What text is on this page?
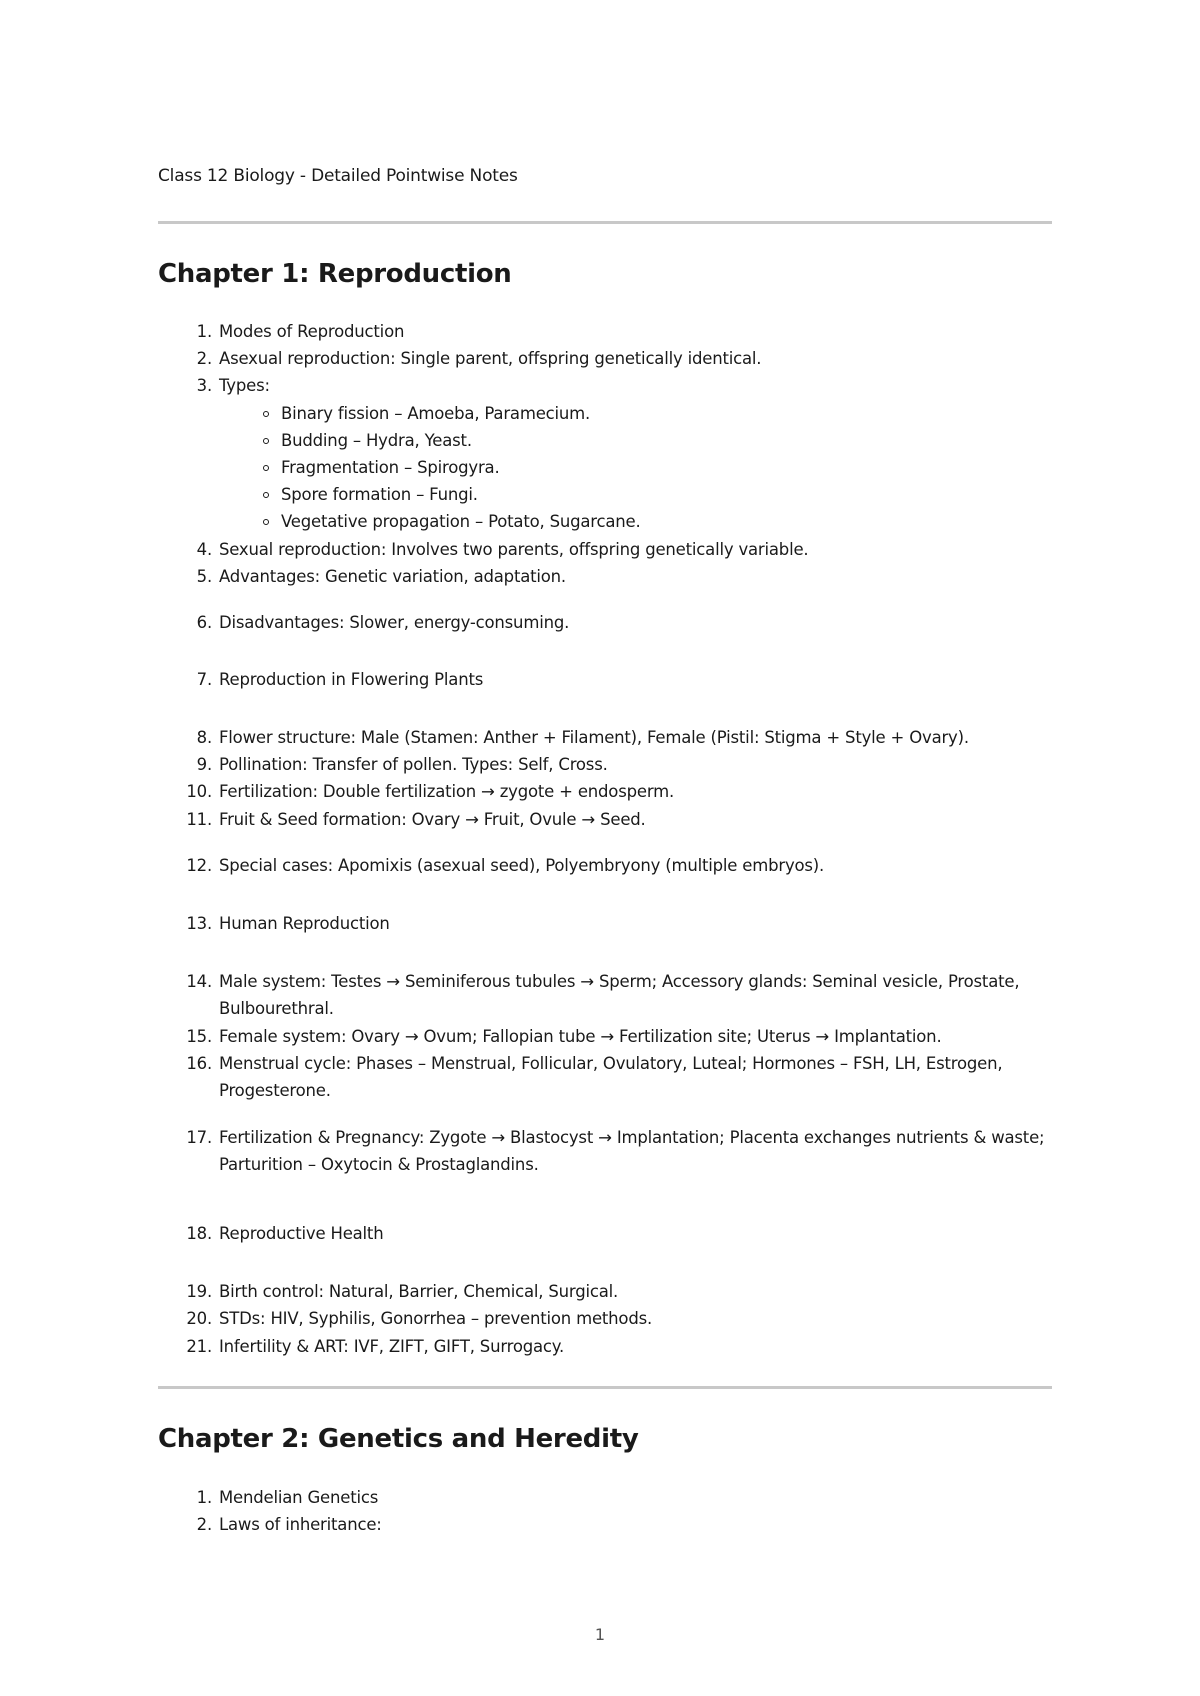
Class 12 Biology - Detailed Pointwise Notes
Chapter 1: Reproduction
1. Modes of Reproduction
2. Asexual reproduction: Single parent, offspring genetically identical.
3. Types:
Binary fission – Amoeba, Paramecium.
Budding – Hydra, Yeast.
Fragmentation – Spirogyra.
Spore formation – Fungi.
Vegetative propagation – Potato, Sugarcane.
4. Sexual reproduction: Involves two parents, offspring genetically variable.
5. Advantages: Genetic variation, adaptation.
6. Disadvantages: Slower, energy-consuming.
7. Reproduction in Flowering Plants
8. Flower structure: Male (Stamen: Anther + Filament), Female (Pistil: Stigma + Style + Ovary).
9. Pollination: Transfer of pollen. Types: Self, Cross.
10. Fertilization: Double fertilization → zygote + endosperm.
11. Fruit & Seed formation: Ovary → Fruit, Ovule → Seed.
12. Special cases: Apomixis (asexual seed), Polyembryony (multiple embryos).
13. Human Reproduction
14. Male system: Testes → Seminiferous tubules → Sperm; Accessory glands: Seminal vesicle, Prostate, Bulbourethral.
15. Female system: Ovary → Ovum; Fallopian tube → Fertilization site; Uterus → Implantation.
16. Menstrual cycle: Phases – Menstrual, Follicular, Ovulatory, Luteal; Hormones – FSH, LH, Estrogen, Progesterone.
17. Fertilization & Pregnancy: Zygote → Blastocyst → Implantation; Placenta exchanges nutrients & waste; Parturition – Oxytocin & Prostaglandins.
18. Reproductive Health
19. Birth control: Natural, Barrier, Chemical, Surgical.
20. STDs: HIV, Syphilis, Gonorrhea – prevention methods.
21. Infertility & ART: IVF, ZIFT, GIFT, Surrogacy.
Chapter 2: Genetics and Heredity
1. Mendelian Genetics
2. Laws of inheritance:
1
